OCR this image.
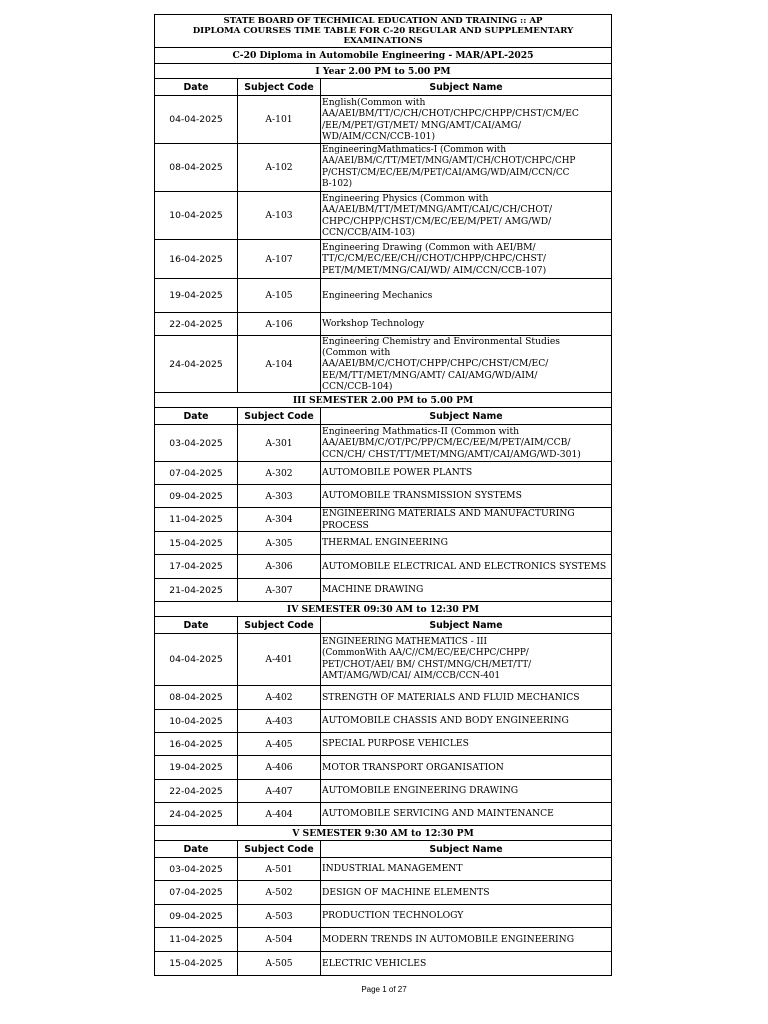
STATE BOARD OF TECHMICAL EDUCATION AND TRAINING :: AP
DIPLOMA COURSES TIME TABLE FOR C-20 REGULAR AND SUPPLEMENTARY
EXAMINATIONS		

C-20 Diploma in Automobile Engineering - MAR/APL-2025		
I Year 2.00 PM to 5.00 PM		
Date	Subject Code	Subject Name
04-04-2025	A-101	English(Common with
AA/AEI/BM/TT/C/CH/CHOT/CHPC/CHPP/CHST/CM/EC
/EE/M/PET/GT/MET/ MNG/AMT/CAI/AMG/
WD/AIM/CCN/CCB-101)

08-04-2025	A-102	EngineeringMathmatics-I (Common with
AA/AEI/BM/C/TT/MET/MNG/AMT/CH/CHOT/CHPC/CHP
P/CHST/CM/EC/EE/M/PET/CAI/AMG/WD/AIM/CCN/CC
B-102)

10-04-2025	A-103	Engineering Physics (Common with
AA/AEI/BM/TT/MET/MNG/AMT/CAI/C/CH/CHOT/
CHPC/CHPP/CHST/CM/EC/EE/M/PET/ AMG/WD/
CCN/CCB/AIM-103)

16-04-2025	A-107	Engineering Drawing (Common with AEI/BM/
TT/C/CM/EC/EE/CH//CHOT/CHPP/CHPC/CHST/
PET/M/MET/MNG/CAI/WD/ AIM/CCN/CCB-107)

19-04-2025	A-105	Engineering Mechanics

22-04-2025	A-106	Workshop Technology

24-04-2025	A-104	Engineering Chemistry and Environmental Studies
(Common with
AA/AEI/BM/C/CHOT/CHPP/CHPC/CHST/CM/EC/
EE/M/TT/MET/MNG/AMT/ CAI/AMG/WD/AIM/
CCN/CCB-104)

III SEMESTER 2.00 PM to 5.00 PM		
Date	Subject Code	Subject Name
03-04-2025	A-301	Engineering Mathmatics-II (Common with
AA/AEI/BM/C/OT/PC/PP/CM/EC/EE/M/PET/AIM/CCB/
CCN/CH/ CHST/TT/MET/MNG/AMT/CAI/AMG/WD-301)

07-04-2025	A-302	AUTOMOBILE POWER PLANTS

09-04-2025	A-303	AUTOMOBILE TRANSMISSION SYSTEMS

11-04-2025	A-304	ENGINEERING MATERIALS AND MANUFACTURING
PROCESS

15-04-2025	A-305	THERMAL ENGINEERING

17-04-2025	A-306	AUTOMOBILE ELECTRICAL AND ELECTRONICS SYSTEMS

21-04-2025	A-307	MACHINE DRAWING

IV SEMESTER 09:30 AM to 12:30 PM		
Date	Subject Code	Subject Name
04-04-2025	A-401	ENGINEERING MATHEMATICS - III
(CommonWith AA/C//CM/EC/EE/CHPC/CHPP/
PET/CHOT/AEI/ BM/ CHST/MNG/CH/MET/TT/
AMT/AMG/WD/CAI/ AIM/CCB/CCN-401

08-04-2025	A-402	STRENGTH OF MATERIALS AND FLUID MECHANICS

10-04-2025	A-403	AUTOMOBILE CHASSIS AND BODY ENGINEERING

16-04-2025	A-405	SPECIAL PURPOSE VEHICLES

19-04-2025	A-406	MOTOR TRANSPORT ORGANISATION

22-04-2025	A-407	AUTOMOBILE ENGINEERING DRAWING

24-04-2025	A-404	AUTOMOBILE SERVICING AND MAINTENANCE

V SEMESTER 9:30 AM to 12:30 PM		
Date	Subject Code	Subject Name
03-04-2025	A-501	INDUSTRIAL MANAGEMENT

07-04-2025	A-502	DESIGN OF MACHINE ELEMENTS

09-04-2025	A-503	PRODUCTION TECHNOLOGY

11-04-2025	A-504	MODERN TRENDS IN AUTOMOBILE ENGINEERING

15-04-2025	A-505	ELECTRIC VEHICLES
Page 1 of 27
